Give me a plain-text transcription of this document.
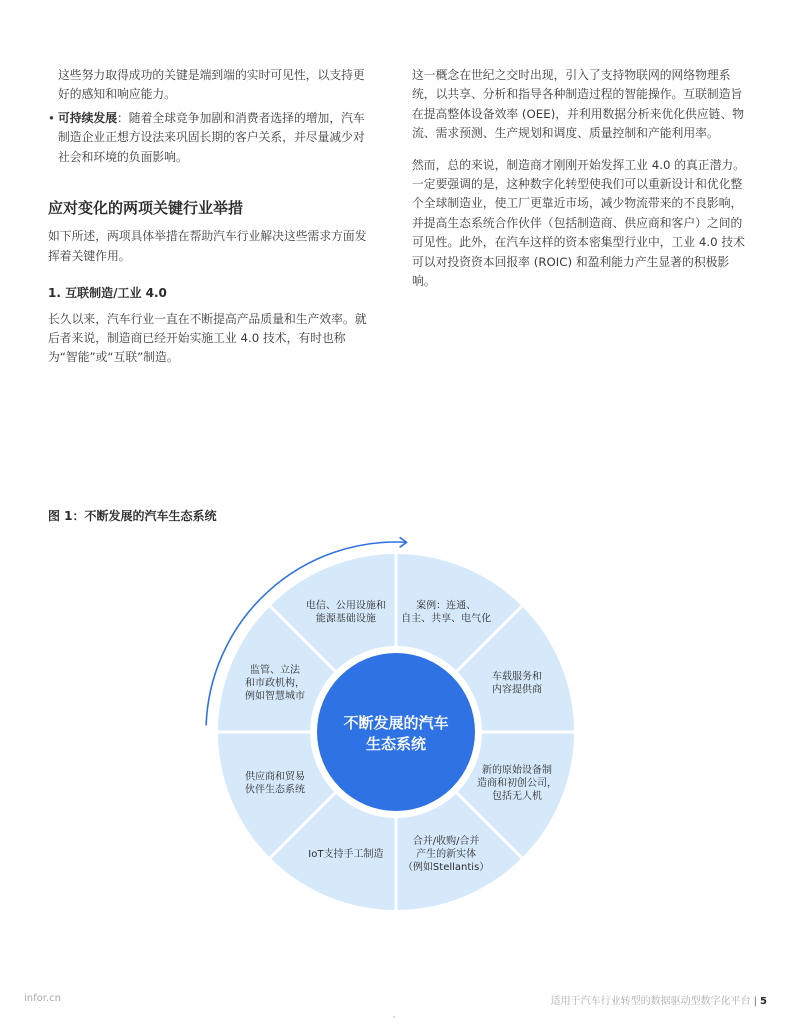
这些努力取得成功的关键是端到端的实时可见性，以支持更好的感知和响应能力。

• 可持续发展：随着全球竞争加剧和消费者选择的增加，汽车制造企业正想方设法来巩固长期的客户关系，并尽量减少对社会和环境的负面影响。

应对变化的两项关键行业举措

如下所述，两项具体举措在帮助汽车行业解决这些需求方面发挥着关键作用。

1. 互联制造/工业 4.0

长久以来，汽车行业一直在不断提高产品质量和生产效率。就后者来说，制造商已经开始实施工业 4.0 技术，有时也称为“智能”或“互联”制造。

这一概念在世纪之交时出现，引入了支持物联网的网络物理系统，以共享、分析和指导各种制造过程的智能操作。互联制造旨在提高整体设备效率 (OEE)，并利用数据分析来优化供应链、物流、需求预测、生产规划和调度、质量控制和产能利用率。

然而，总的来说，制造商才刚刚开始发挥工业 4.0 的真正潜力。一定要强调的是，这种数字化转型使我们可以重新设计和优化整个全球制造业，使工厂更靠近市场，减少物流带来的不良影响，并提高生态系统合作伙伴（包括制造商、供应商和客户）之间的可见性。此外，在汽车这样的资本密集型行业中，工业 4.0 技术可以对投资资本回报率 (ROIC) 和盈利能力产生显著的积极影响。

图 1：不断发展的汽车生态系统
案例：连通、自主、共享、电气化
车载服务和内容提供商
新的原始设备制造商和初创公司，包括无人机
合并/收购/合并产生的新实体（例如Stellantis）
IoT支持手工制造
供应商和贸易伙伴生态系统
监管、立法和市政机构，例如智慧城市
电信、公用设施和能源基础设施
不断发展的汽车生态系统
infor.cn	适用于汽车行业转型的数据驱动型数字化平台 | 5
